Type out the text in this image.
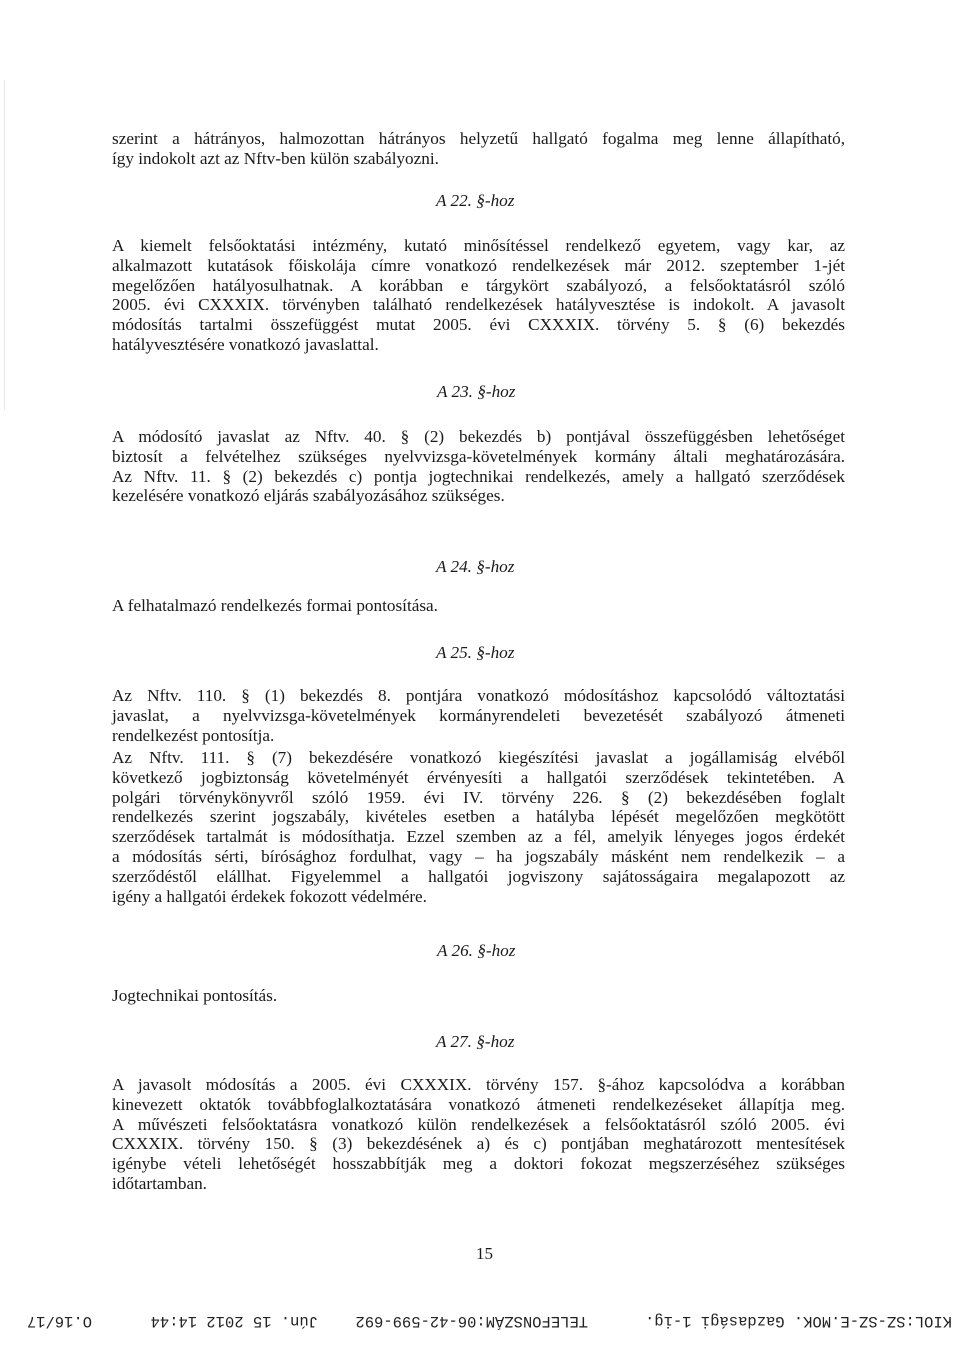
szerint a hátrányos, halmozottan hátrányos helyzetű hallgató fogalma meg lenne állapítható,

így indokolt azt az Nftv-ben külön szabályozni.

A 22. §-hoz

A kiemelt felsőoktatási intézmény, kutató minősítéssel rendelkező egyetem, vagy kar, az

alkalmazott kutatások főiskolája címre vonatkozó rendelkezések már 2012. szeptember 1-jét

megelőzően hatályosulhatnak. A korábban e tárgykört szabályozó, a felsőoktatásról szóló

2005. évi CXXXIX. törvényben található rendelkezések hatályvesztése is indokolt. A javasolt

módosítás tartalmi összefüggést mutat 2005. évi CXXXIX. törvény 5. § (6) bekezdés

hatályvesztésére vonatkozó javaslattal.

A 23. §-hoz

A módosító javaslat az Nftv. 40. § (2) bekezdés b) pontjával összefüggésben lehetőséget

biztosít a felvételhez szükséges nyelvvizsga-követelmények kormány általi meghatározására.

Az Nftv. 11. § (2) bekezdés c) pontja jogtechnikai rendelkezés, amely a hallgató szerződések

kezelésére vonatkozó eljárás szabályozásához szükséges.

A 24. §-hoz
A felhatalmazó rendelkezés formai pontosítása.
A 25. §-hoz

Az Nftv. 110. § (1) bekezdés 8. pontjára vonatkozó módosításhoz kapcsolódó változtatási

javaslat, a nyelvvizsga-követelmények kormányrendeleti bevezetését szabályozó átmeneti

rendelkezést pontosítja.

Az Nftv. 111. § (7) bekezdésére vonatkozó kiegészítési javaslat a jogállamiság elvéből

következő jogbiztonság követelményét érvényesíti a hallgatói szerződések tekintetében. A

polgári törvénykönyvről szóló 1959. évi IV. törvény 226. § (2) bekezdésében foglalt

rendelkezés szerint jogszabály, kivételes esetben a hatályba lépését megelőzően megkötött

szerződések tartalmát is módosíthatja. Ezzel szemben az a fél, amelyik lényeges jogos érdekét

a módosítás sérti, bírósághoz fordulhat, vagy – ha jogszabály másként nem rendelkezik – a

szerződéstől elállhat. Figyelemmel a hallgatói jogviszony sajátosságaira megalapozott az

igény a hallgatói érdekek fokozott védelmére.

A 26. §-hoz
Jogtechnikai pontosítás.
A 27. §-hoz

A javasolt módosítás a 2005. évi CXXXIX. törvény 157. §-ához kapcsolódva a korábban

kinevezett oktatók továbbfoglalkoztatására vonatkozó átmeneti rendelkezéseket állapítja meg.

A művészeti felsőoktatásra vonatkozó külön rendelkezések a felsőoktatásról szóló 2005. évi

CXXXIX. törvény 150. § (3) bekezdésének a) és c) pontjában meghatározott mentesítések

igénybe vételi lehetőségét hosszabbítják meg a doktori fokozat megszerzéséhez szükséges

időtartamban.

15
KIOL:SZ-SZ-E.MOK. Gazdasági 1-ig.
TELEFONSZÁM:06-42-599-692
Jún. 15 2012 14:44
O.16/17
